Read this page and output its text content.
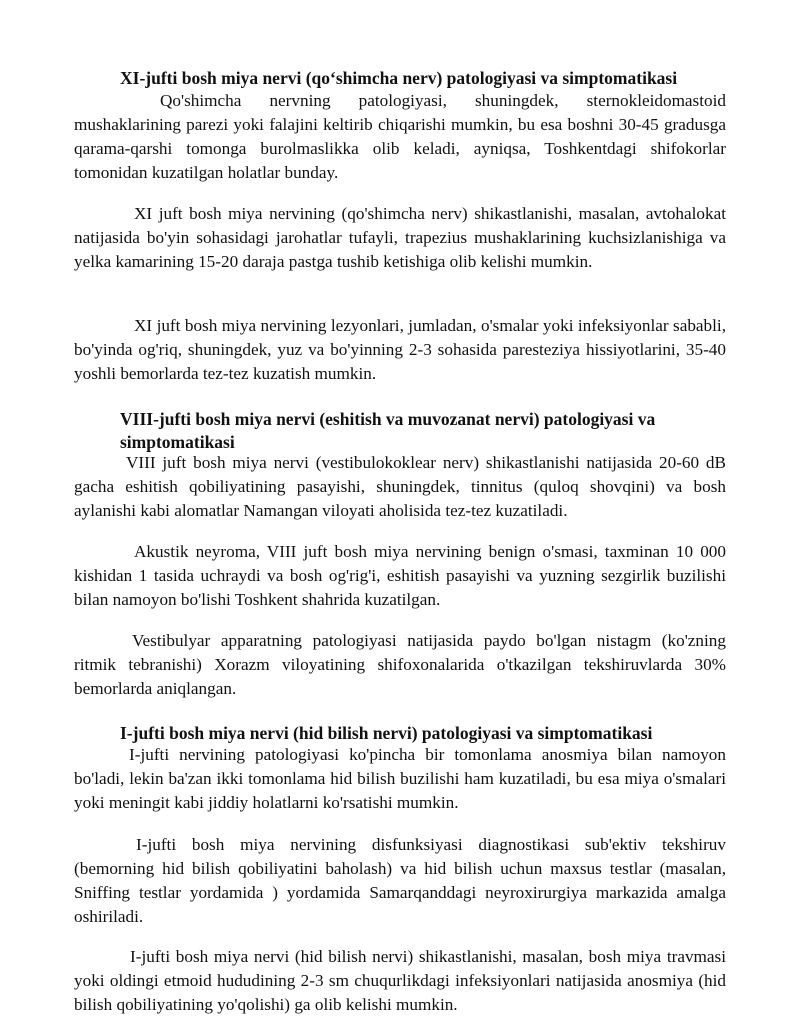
XI-jufti bosh miya nervi (qo‘shimcha nerv) patologiyasi va simptomatikasi

Qo'shimcha nervning patologiyasi, shuningdek, sternokleidomastoid mushaklarining parezi yoki falajini keltirib chiqarishi mumkin, bu esa boshni 30-45 gradusga qarama-qarshi tomonga burolmaslikka olib keladi, ayniqsa, Toshkentdagi shifokorlar tomonidan kuzatilgan holatlar bunday.

XI juft bosh miya nervining (qo'shimcha nerv) shikastlanishi, masalan, avtohalokat natijasida bo'yin sohasidagi jarohatlar tufayli, trapezius mushaklarining kuchsizlanishiga va yelka kamarining 15-20 daraja pastga tushib ketishiga olib kelishi mumkin.

XI juft bosh miya nervining lezyonlari, jumladan, o'smalar yoki infeksiyonlar sababli, bo'yinda og'riq, shuningdek, yuz va bo'yinning 2-3 sohasida paresteziya hissiyotlarini, 35-40 yoshli bemorlarda tez-tez kuzatish mumkin.

VIII-jufti bosh miya nervi (eshitish va muvozanat nervi) patologiyasi va simptomatikasi

VIII juft bosh miya nervi (vestibulokoklear nerv) shikastlanishi natijasida 20-60 dB gacha eshitish qobiliyatining pasayishi, shuningdek, tinnitus (quloq shovqini) va bosh aylanishi kabi alomatlar Namangan viloyati aholisida tez-tez kuzatiladi.

Akustik neyroma, VIII juft bosh miya nervining benign o'smasi, taxminan 10 000 kishidan 1 tasida uchraydi va bosh og'rig'i, eshitish pasayishi va yuzning sezgirlik buzilishi bilan namoyon bo'lishi Toshkent shahrida kuzatilgan.

Vestibulyar apparatning patologiyasi natijasida paydo bo'lgan nistagm (ko'zning ritmik tebranishi) Xorazm viloyatining shifoxonalarida o'tkazilgan tekshiruvlarda 30% bemorlarda aniqlangan.

I-jufti bosh miya nervi (hid bilish nervi) patologiyasi va simptomatikasi

I-jufti nervining patologiyasi ko'pincha bir tomonlama anosmiya bilan namoyon bo'ladi, lekin ba'zan ikki tomonlama hid bilish buzilishi ham kuzatiladi, bu esa miya o'smalari yoki meningit kabi jiddiy holatlarni ko'rsatishi mumkin.

I-jufti bosh miya nervining disfunksiyasi diagnostikasi sub'ektiv tekshiruv (bemorning hid bilish qobiliyatini baholash) va hid bilish uchun maxsus testlar (masalan, Sniffing testlar yordamida ) yordamida Samarqanddagi neyroxirurgiya markazida amalga oshiriladi.

I-jufti bosh miya nervi (hid bilish nervi) shikastlanishi, masalan, bosh miya travmasi yoki oldingi etmoid hududining 2-3 sm chuqurlikdagi infeksiyonlari natijasida anosmiya (hid bilish qobiliyatining yo'qolishi) ga olib kelishi mumkin.
